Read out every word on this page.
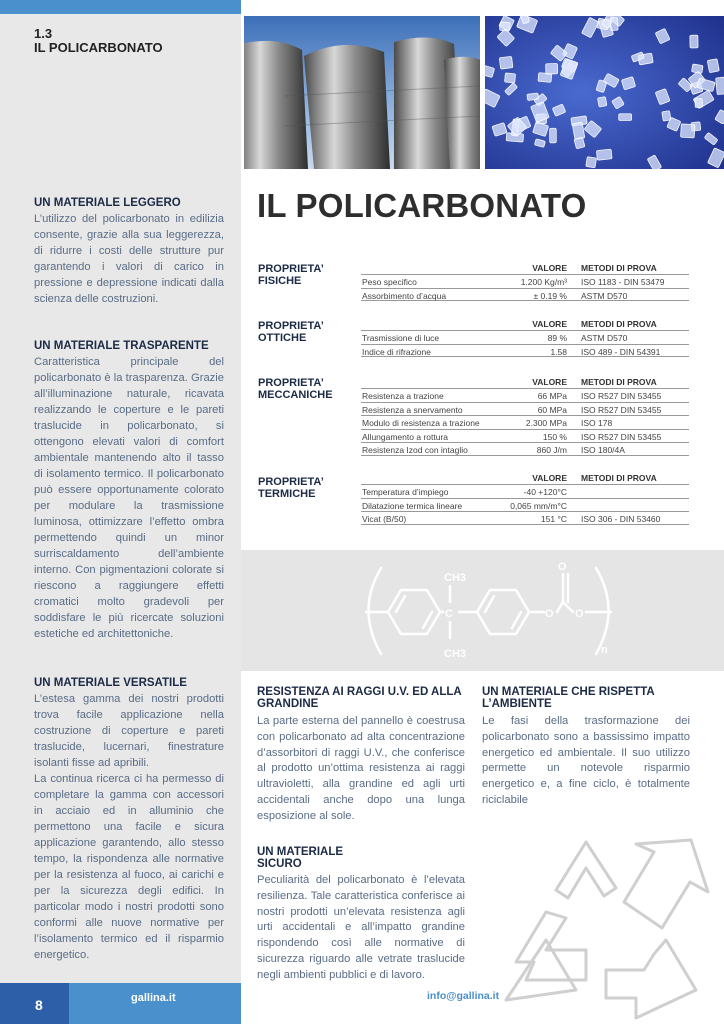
1.3
IL POLICARBONATO
UN MATERIALE LEGGERO

L’utilizzo del policarbonato in edilizia consente, grazie alla sua leggerezza, di ridurre i costi delle strutture pur garantendo i valori di carico in pressione e depressione indicati dalla scienza delle costruzioni.

UN MATERIALE TRASPARENTE

Caratteristica principale del policarbonato è la trasparenza. Grazie all’illuminazione naturale, ricavata realizzando le coperture e le pareti traslucide in policarbonato, si ottengono elevati valori di comfort ambientale mantenendo alto il tasso di isolamento termico. Il policarbonato può essere opportunamente colorato per modulare la trasmissione luminosa, ottimizzare l’effetto ombra permettendo quindi un minor surriscaldamento dell’ambiente interno. Con pigmentazioni colorate si riescono a raggiungere effetti cromatici molto gradevoli per soddisfare le più ricercate soluzioni estetiche ed architettoniche.

UN MATERIALE VERSATILE

L’estesa gamma dei nostri prodotti trova facile applicazione nella costruzione di coperture e pareti traslucide, lucernari, finestrature isolanti fisse ad apribili.
La continua ricerca ci ha permesso di completare la gamma con accessori in acciaio ed in alluminio che permettono una facile e sicura applicazione garantendo, allo stesso tempo, la rispondenza alle normative per la resistenza al fuoco, ai carichi e per la sicurezza degli edifici. In particolar modo i nostri prodotti sono conformi alle nuove normative per l’isolamento termico ed il risparmio energetico.

8	gallina.it
IL POLICARBONATO
PROPRIETA’ FISICHE
VALORE METODI DI PROVA
Peso specifico	1.200 Kg/m³ ISO 1183 - DIN 53479
Assorbimento d’acqua	± 0.19 % ASTM D570
PROPRIETA’ OTTICHE
VALORE METODI DI PROVA
Trasmissione di luce	89 % ASTM D570
Indice di rifrazione	1.58 ISO 489 - DIN 54391
PROPRIETA’ MECCANICHE
VALORE METODI DI PROVA
Resistenza a trazione	66 MPa ISO R527 DIN 53455
Resistenza a snervamento	60 MPa ISO R527 DIN 53455
Modulo di resistenza a trazione	2.300 MPa ISO 178
Allungamento a rottura	150 % ISO R527 DIN 53455
Resistenza Izod con intaglio	860 J/m ISO 180/4A
PROPRIETA’ TERMICHE
VALORE METODI DI PROVA
Temperatura d’impiego	-40 +120°C
Dilatazione termica lineare	0,065 mm/m°C
Vicat (B/50)	151 °C ISO 306 - DIN 53460
CH3
C
CH3
O
O
O
n
RESISTENZA AI RAGGI U.V. ED ALLA GRANDINE

La parte esterna del pannello è coestrusa con policarbonato ad alta concentrazione d’assorbitori di raggi U.V., che conferisce al prodotto un’ottima resistenza ai raggi ultravioletti, alla grandine ed agli urti accidentali anche dopo una lunga esposizione al sole.

UN MATERIALE CHE RISPETTA L’AMBIENTE

Le fasi della trasformazione dei policarbonato sono a bassissimo impatto energetico ed ambientale. Il suo utilizzo permette un notevole risparmio energetico e, a fine ciclo, è totalmente riciclabile

UN MATERIALE SICURO

Peculiarità del policarbonato è l’elevata resilienza. Tale caratteristica conferisce ai nostri prodotti un’elevata resistenza agli urti accidentali e all’impatto grandine rispondendo così alle normative di sicurezza riguardo alle vetrate traslucide negli ambienti pubblici e di lavoro.

info@gallina.it
